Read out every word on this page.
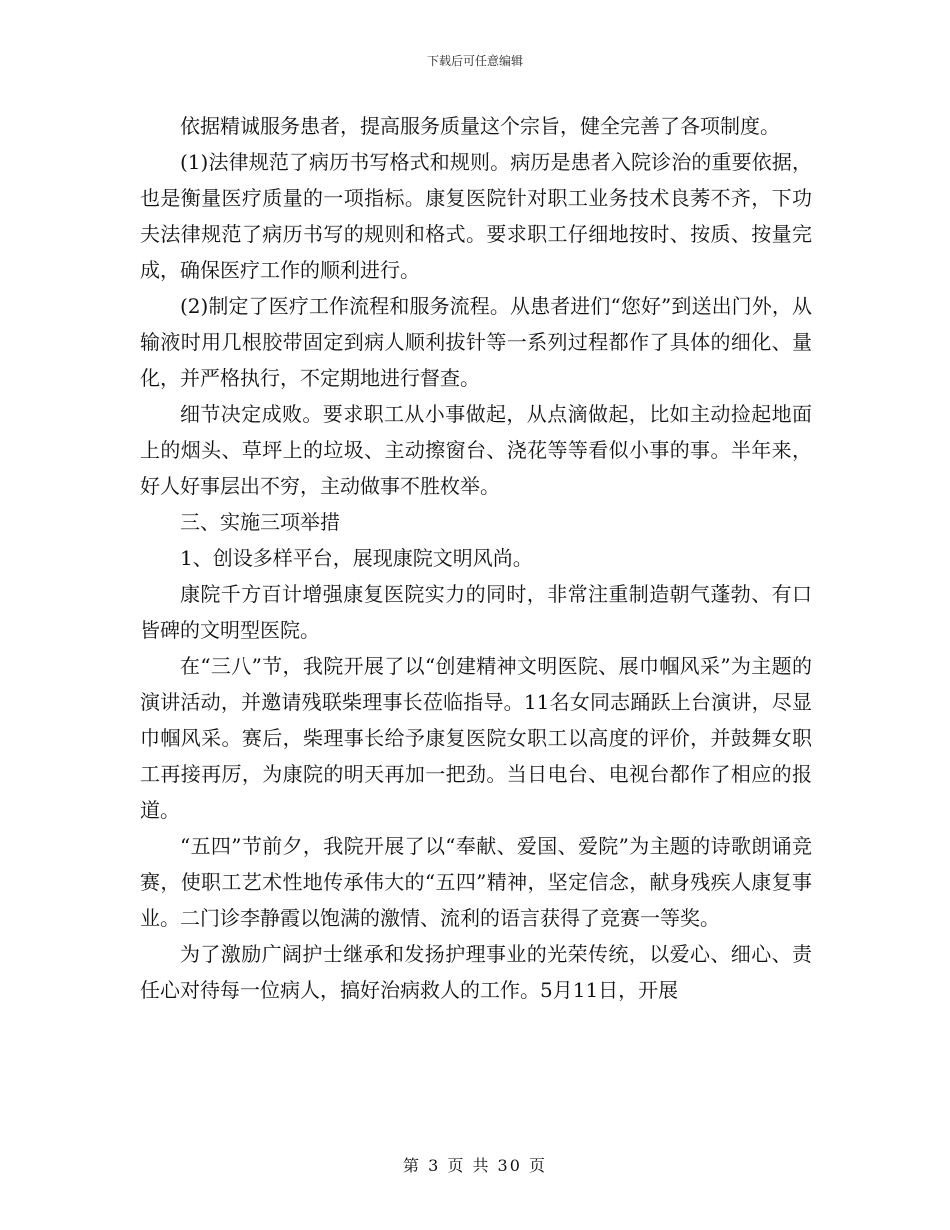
下载后可任意编辑

依据精诚服务患者，提高服务质量这个宗旨，健全完善了各项制度。

(1)法律规范了病历书写格式和规则。病历是患者入院诊治的重要依据，也是衡量医疗质量的一项指标。康复医院针对职工业务技术良莠不齐，下功夫法律规范了病历书写的规则和格式。要求职工仔细地按时、按质、按量完成，确保医疗工作的顺利进行。

(2)制定了医疗工作流程和服务流程。从患者进们“您好”到送出门外，从输液时用几根胶带固定到病人顺利拔针等一系列过程都作了具体的细化、量化，并严格执行，不定期地进行督查。

细节决定成败。要求职工从小事做起，从点滴做起，比如主动捡起地面上的烟头、草坪上的垃圾、主动擦窗台、浇花等等看似小事的事。半年来，好人好事层出不穷，主动做事不胜枚举。

三、实施三项举措

1、创设多样平台，展现康院文明风尚。

康院千方百计增强康复医院实力的同时，非常注重制造朝气蓬勃、有口皆碑的文明型医院。

在“三八”节，我院开展了以“创建精神文明医院、展巾帼风采”为主题的演讲活动，并邀请残联柴理事长莅临指导。11名女同志踊跃上台演讲，尽显巾帼风采。赛后，柴理事长给予康复医院女职工以高度的评价，并鼓舞女职工再接再厉，为康院的明天再加一把劲。当日电台、电视台都作了相应的报道。

“五四”节前夕，我院开展了以“奉献、爱国、爱院”为主题的诗歌朗诵竞赛，使职工艺术性地传承伟大的“五四”精神，坚定信念，献身残疾人康复事业。二门诊李静霞以饱满的激情、流利的语言获得了竞赛一等奖。

为了激励广阔护士继承和发扬护理事业的光荣传统，以爱心、细心、责任心对待每一位病人，搞好治病救人的工作。5月11日，开展

第 3 页 共 30 页
